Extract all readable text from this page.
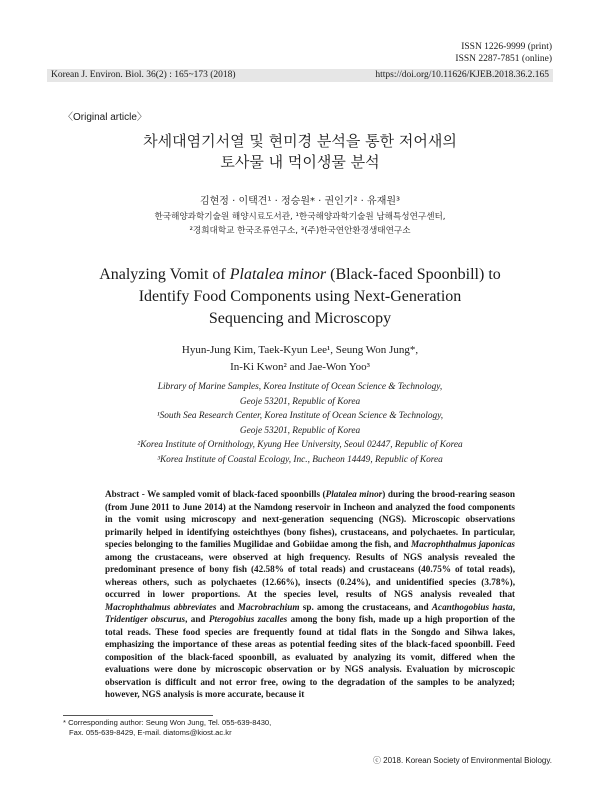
ISSN 1226-9999 (print)
ISSN 2287-7851 (online)
Korean J. Environ. Biol. 36(2) : 165~173 (2018)	https://doi.org/10.11626/KJEB.2018.36.2.165
〈Original article〉
차세대염기서열 및 현미경 분석을 통한 저어새의
토사물 내 먹이생물 분석
김현정 · 이택견¹ · 정승원* · 권인기² · 유재원³
한국해양과학기술원 해양시료도서관, ¹한국해양과학기술원 남해특성연구센터,
²경희대학교 한국조류연구소, ³(주)한국연안환경생태연구소
Analyzing Vomit of Platalea minor (Black-faced Spoonbill) to
Identify Food Components using Next-Generation
Sequencing and Microscopy
Hyun-Jung Kim, Taek-Kyun Lee¹, Seung Won Jung*,
In-Ki Kwon² and Jae-Won Yoo³
Library of Marine Samples, Korea Institute of Ocean Science & Technology,
Geoje 53201, Republic of Korea
¹South Sea Research Center, Korea Institute of Ocean Science & Technology,
Geoje 53201, Republic of Korea
²Korea Institute of Ornithology, Kyung Hee University, Seoul 02447, Republic of Korea
³Korea Institute of Coastal Ecology, Inc., Bucheon 14449, Republic of Korea
Abstract - We sampled vomit of black-faced spoonbills (Platalea minor) during the brood-rearing season (from June 2011 to June 2014) at the Namdong reservoir in Incheon and analyzed the food components in the vomit using microscopy and next-generation sequencing (NGS). Microscopic observations primarily helped in identifying osteichthyes (bony fishes), crustaceans, and polychaetes. In particular, species belonging to the families Mugilidae and Gobiidae among the fish, and Macrophthalmus japonicas among the crustaceans, were observed at high frequency. Results of NGS analysis revealed the predominant presence of bony fish (42.58% of total reads) and crustaceans (40.75% of total reads), whereas others, such as polychaetes (12.66%), insects (0.24%), and unidentified species (3.78%), occurred in lower proportions. At the species level, results of NGS analysis revealed that Macrophthalmus abbreviates and Macrobrachium sp. among the crustaceans, and Acanthogobius hasta, Tridentiger obscurus, and Pterogobius zacalles among the bony fish, made up a high proportion of the total reads. These food species are frequently found at tidal flats in the Songdo and Sihwa lakes, emphasizing the importance of these areas as potential feeding sites of the black-faced spoonbill. Feed composition of the black-faced spoonbill, as evaluated by analyzing its vomit, differed when the evaluations were done by microscopic observation or by NGS analysis. Evaluation by microscopic observation is difficult and not error free, owing to the degradation of the samples to be analyzed; however, NGS analysis is more accurate, because it
* Corresponding author: Seung Won Jung, Tel. 055-639-8430,
Fax. 055-639-8429, E-mail. diatoms@kiost.ac.kr
ⓒ 2018. Korean Society of Environmental Biology.
